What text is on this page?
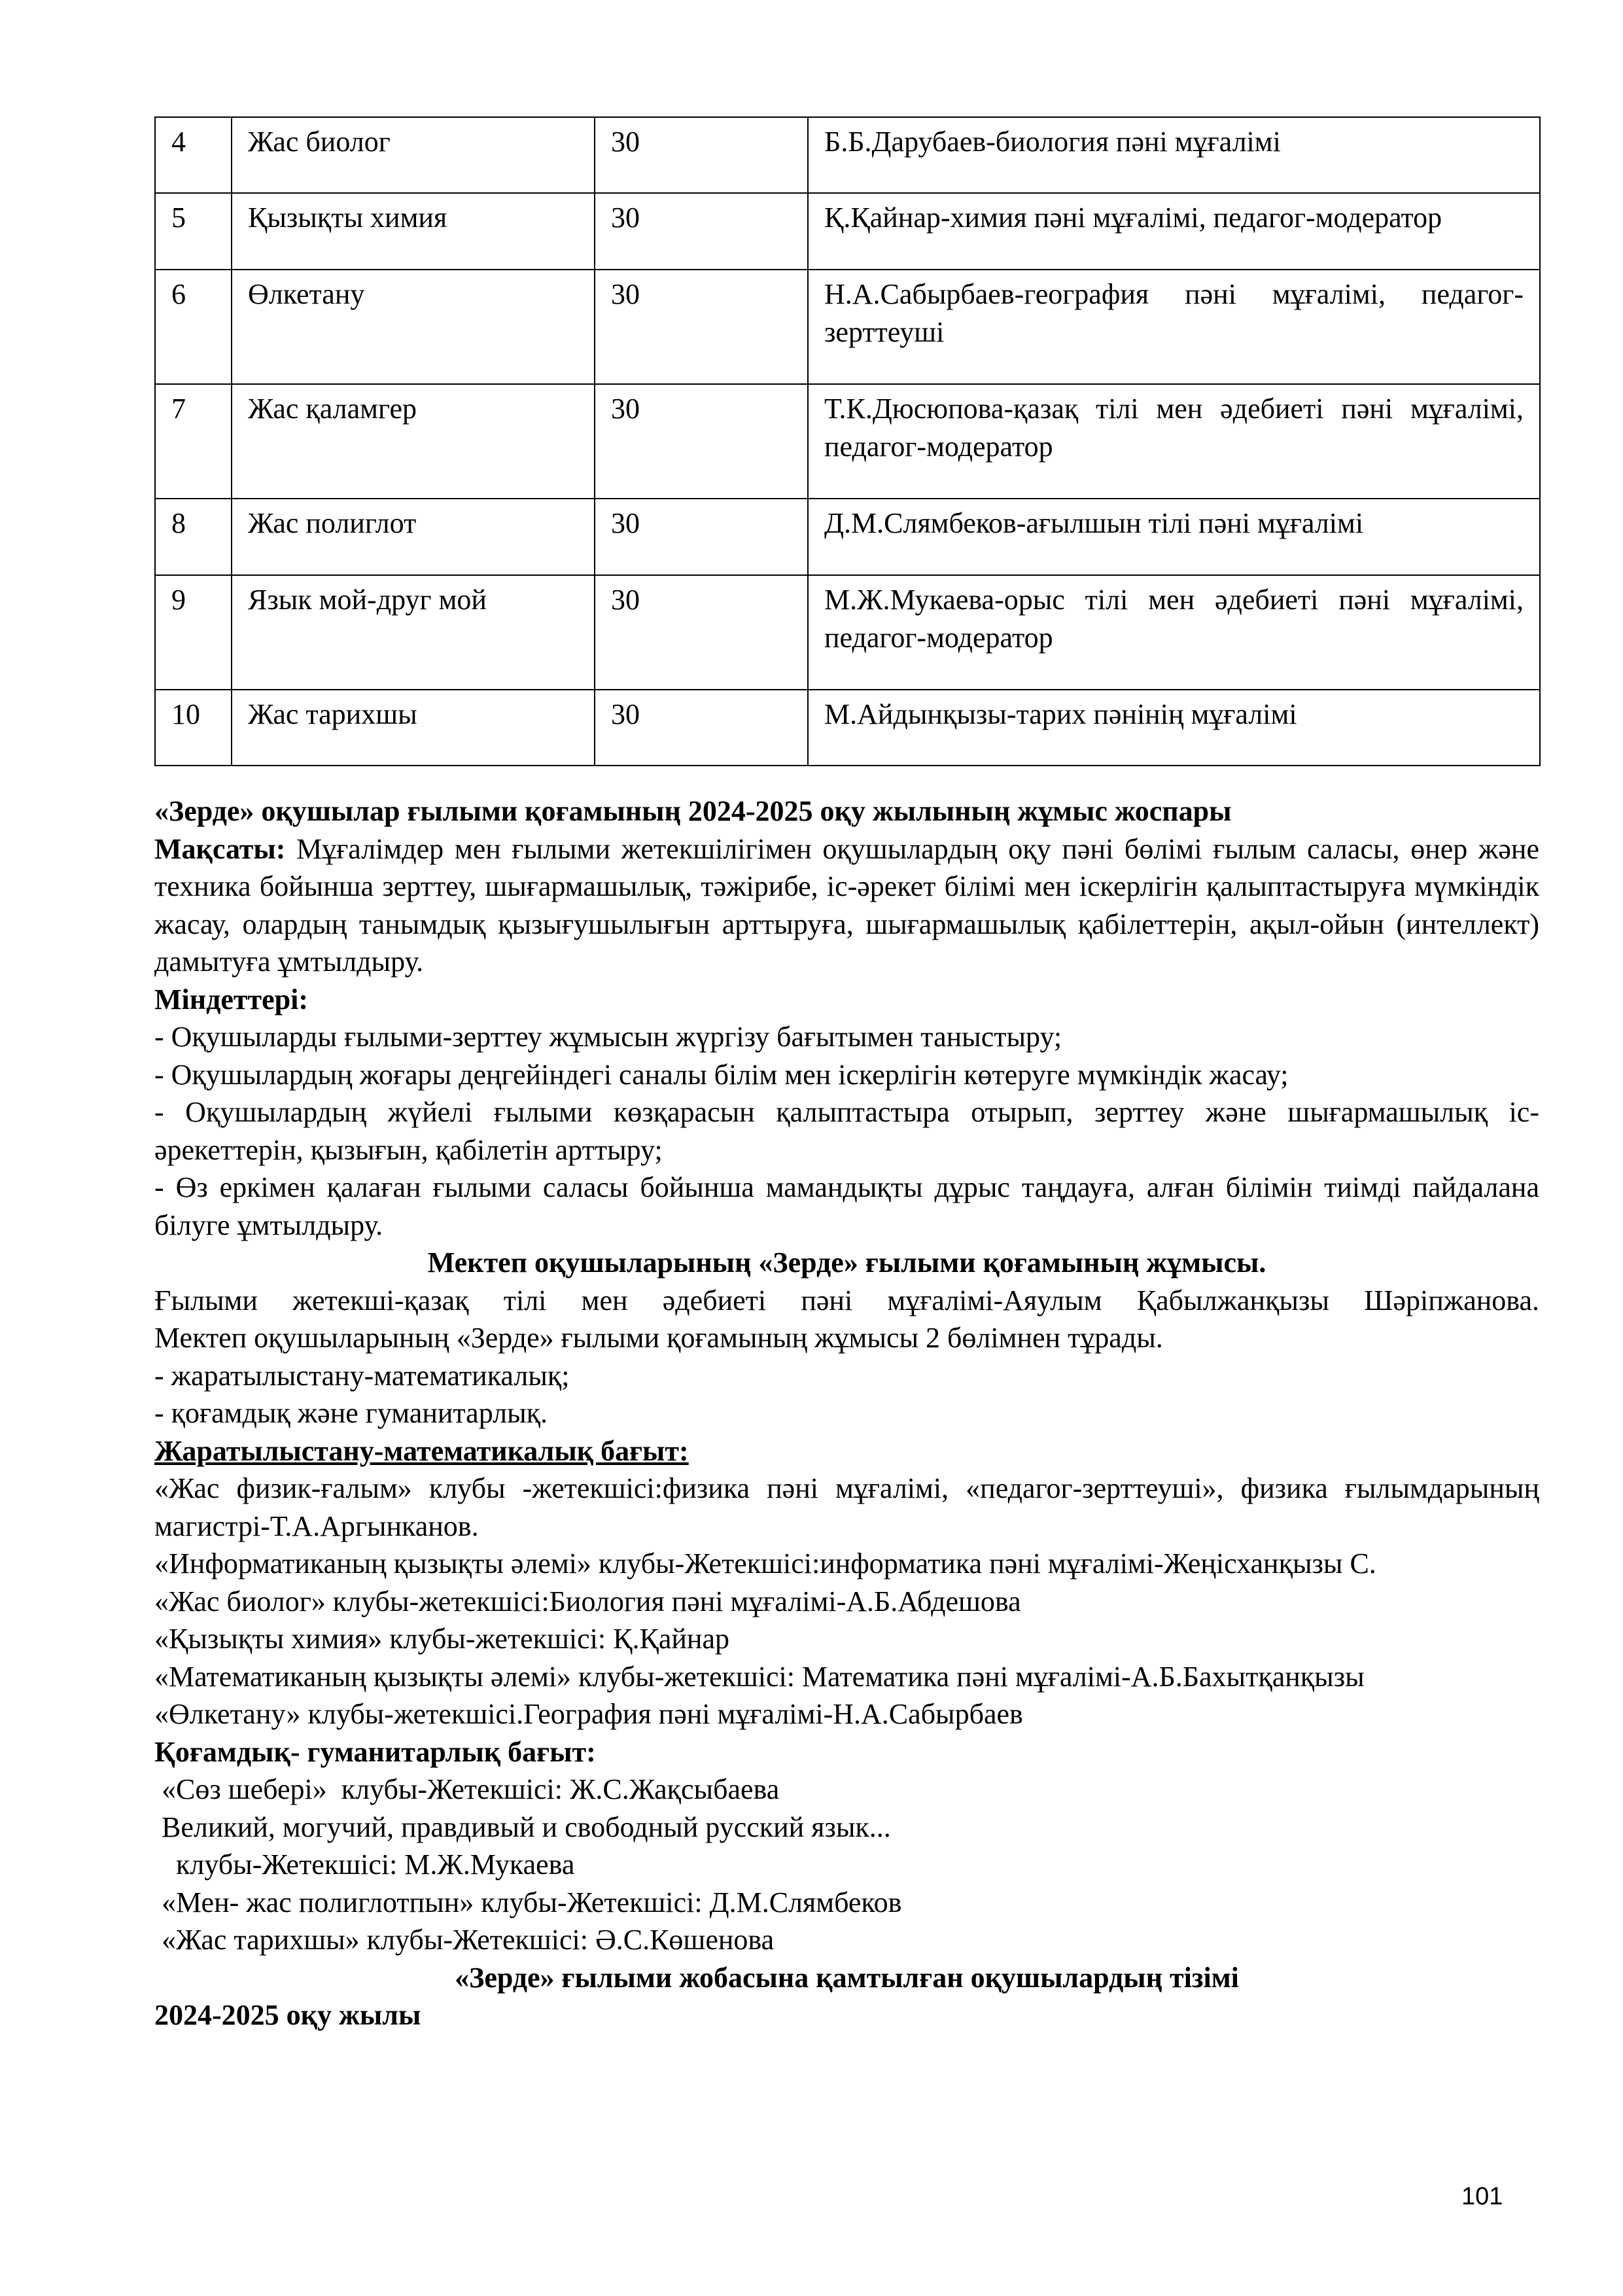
4	Жас биолог	30	Б.Б.Дарубаев-биология пәні мұғалімі
5	Қызықты химия	30	Қ.Қайнар-химия пәні мұғалімі, педагог-модератор
6	Өлкетану	30	Н.А.Сабырбаев-география пәні мұғалімі, педагог-зерттеуші
7	Жас қаламгер	30	Т.К.Дюсюпова-қазақ тілі мен әдебиеті пәні мұғалімі, педагог-модератор
8	Жас полиглот	30	Д.М.Слямбеков-ағылшын тілі пәні мұғалімі
9	Язык мой-друг мой	30	М.Ж.Мукаева-орыс тілі мен әдебиеті пәні мұғалімі, педагог-модератор
10	Жас тарихшы	30	М.Айдынқызы-тарих пәнінің мұғалімі

«Зерде» оқушылар ғылыми қоғамының 2024-2025 оқу жылының жұмыс жоспары

Мақсаты: Мұғалімдер мен ғылыми жетекшілігімен оқушылардың оқу пәні бөлімі ғылым саласы, өнер және техника бойынша зерттеу, шығармашылық, тәжірибе, іс-әрекет білімі мен іскерлігін қалыптастыруға мүмкіндік жасау, олардың танымдық қызығушылығын арттыруға, шығармашылық қабілеттерін, ақыл-ойын (интеллект) дамытуға ұмтылдыру.

Міндеттері:

- Оқушыларды ғылыми-зерттеу жұмысын жүргізу бағытымен таныстыру;

- Оқушылардың жоғары деңгейіндегі саналы білім мен іскерлігін көтеруге мүмкіндік жасау;

- Оқушылардың жүйелі ғылыми көзқарасын қалыптастыра отырып, зерттеу және шығармашылық іс-әрекеттерін, қызығын, қабілетін арттыру;

- Өз еркімен қалаған ғылыми саласы бойынша мамандықты дұрыс таңдауға, алған білімін тиімді пайдалана білуге ұмтылдыру.

Мектеп оқушыларының «Зерде» ғылыми қоғамының жұмысы.

Ғылыми жетекші-қазақ тілі мен әдебиеті пәні мұғалімі-Аяулым Қабылжанқызы Шәріпжанова.

Мектеп оқушыларының «Зерде» ғылыми қоғамының жұмысы 2 бөлімнен тұрады.

- жаратылыстану-математикалық;

- қоғамдық және гуманитарлық.

Жаратылыстану-математикалық бағыт:

«Жас физик-ғалым» клубы -жетекшісі:физика пәні мұғалімі, «педагог-зерттеуші», физика ғылымдарының магистрі-Т.А.Аргынканов.

«Информатиканың қызықты әлемі» клубы-Жетекшісі:информатика пәні мұғалімі-Жеңісханқызы С.

«Жас биолог» клубы-жетекшісі:Биология пәні мұғалімі-А.Б.Абдешова

«Қызықты химия» клубы-жетекшісі: Қ.Қайнар

«Математиканың қызықты әлемі» клубы-жетекшісі: Математика пәні мұғалімі-А.Б.Бахытқанқызы

«Өлкетану» клубы-жетекшісі.География пәні мұғалімі-Н.А.Сабырбаев

Қоғамдық- гуманитарлық бағыт:

«Сөз шебері»  клубы-Жетекшісі: Ж.С.Жақсыбаева

Великий, могучий, правдивый и свободный русский язык...

клубы-Жетекшісі: М.Ж.Мукаева

«Мен- жас полиглотпын» клубы-Жетекшісі: Д.М.Слямбеков

«Жас тарихшы» клубы-Жетекшісі: Ә.С.Көшенова

«Зерде» ғылыми жобасына қамтылған оқушылардың тізімі

2024-2025 оқу жылы

101
